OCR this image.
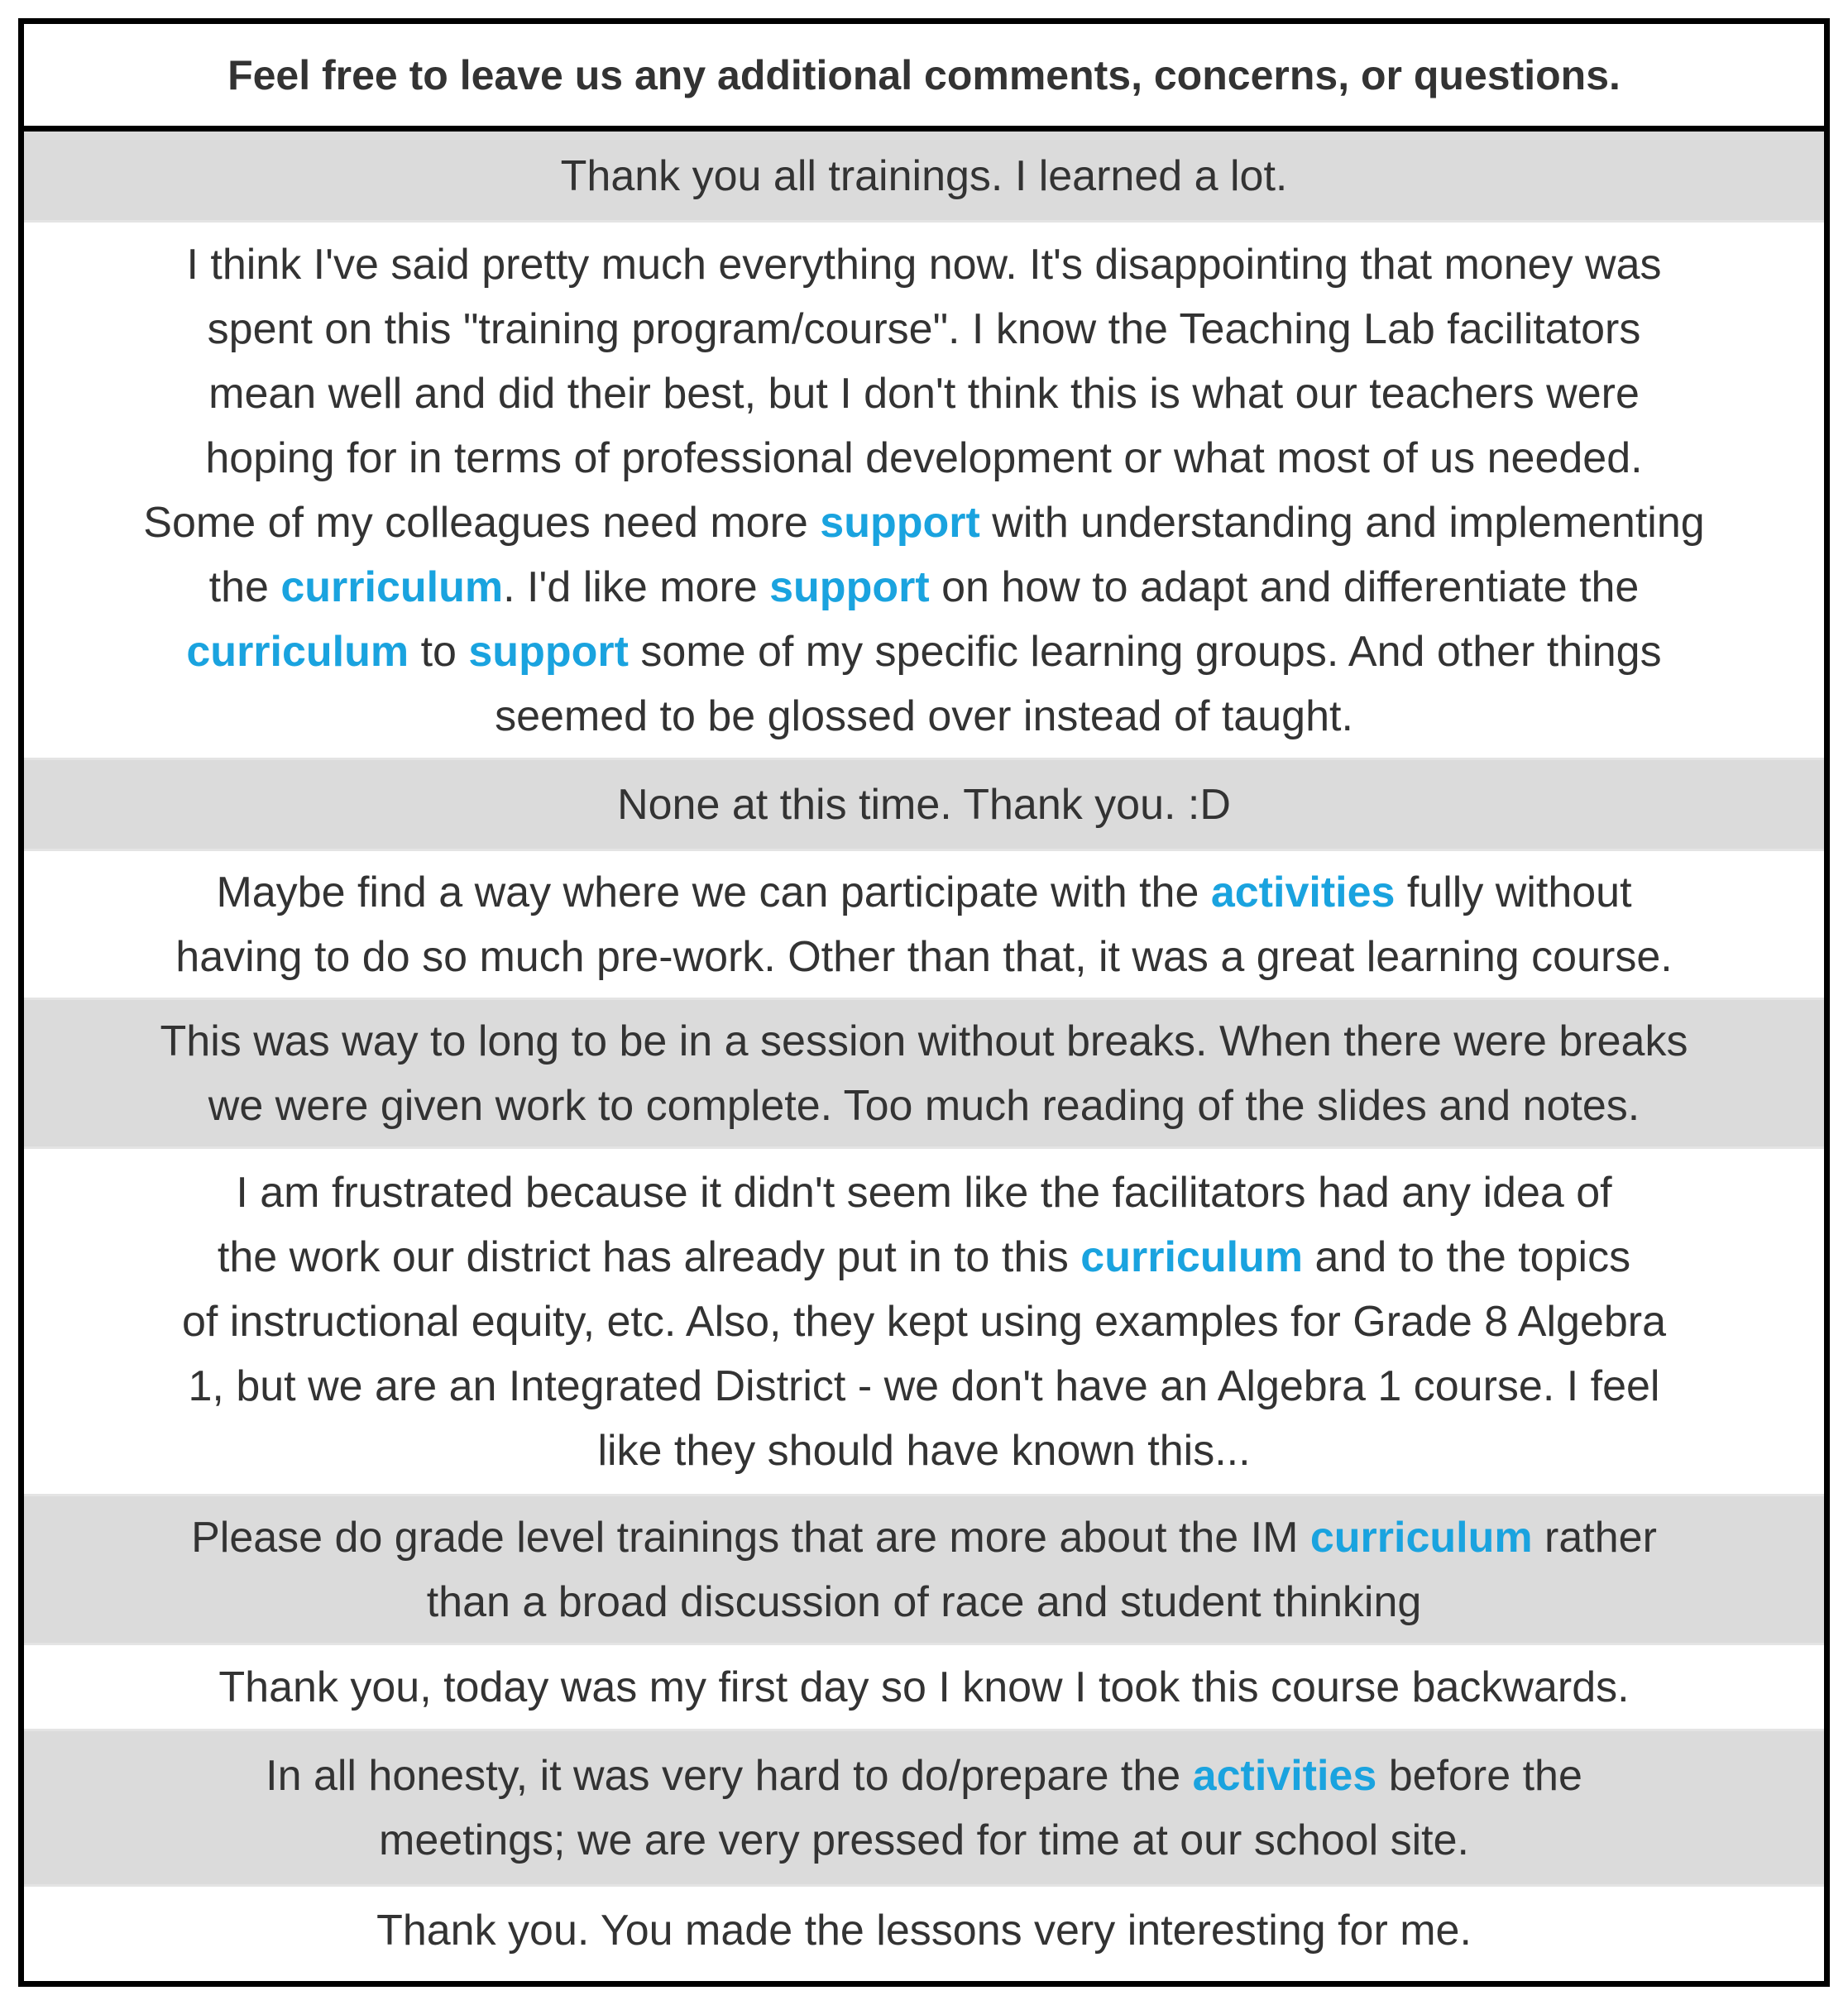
Feel free to leave us any additional comments, concerns, or questions.
Thank you all trainings. I learned a lot.
I think I've said pretty much everything now. It's disappointing that money was
spent on this "training program/course". I know the Teaching Lab facilitators
mean well and did their best, but I don't think this is what our teachers were
hoping for in terms of professional development or what most of us needed.
Some of my colleagues need more support with understanding and implementing
the curriculum. I'd like more support on how to adapt and differentiate the
curriculum to support some of my specific learning groups. And other things
seemed to be glossed over instead of taught.
None at this time. Thank you. :D
Maybe find a way where we can participate with the activities fully without
having to do so much pre-work. Other than that, it was a great learning course.
This was way to long to be in a session without breaks. When there were breaks
we were given work to complete. Too much reading of the slides and notes.
I am frustrated because it didn't seem like the facilitators had any idea of
the work our district has already put in to this curriculum and to the topics
of instructional equity, etc. Also, they kept using examples for Grade 8 Algebra
1, but we are an Integrated District - we don't have an Algebra 1 course. I feel
like they should have known this...
Please do grade level trainings that are more about the IM curriculum rather
than a broad discussion of race and student thinking
Thank you, today was my first day so I know I took this course backwards.
In all honesty, it was very hard to do/prepare the activities before the
meetings; we are very pressed for time at our school site.
Thank you. You made the lessons very interesting for me.
